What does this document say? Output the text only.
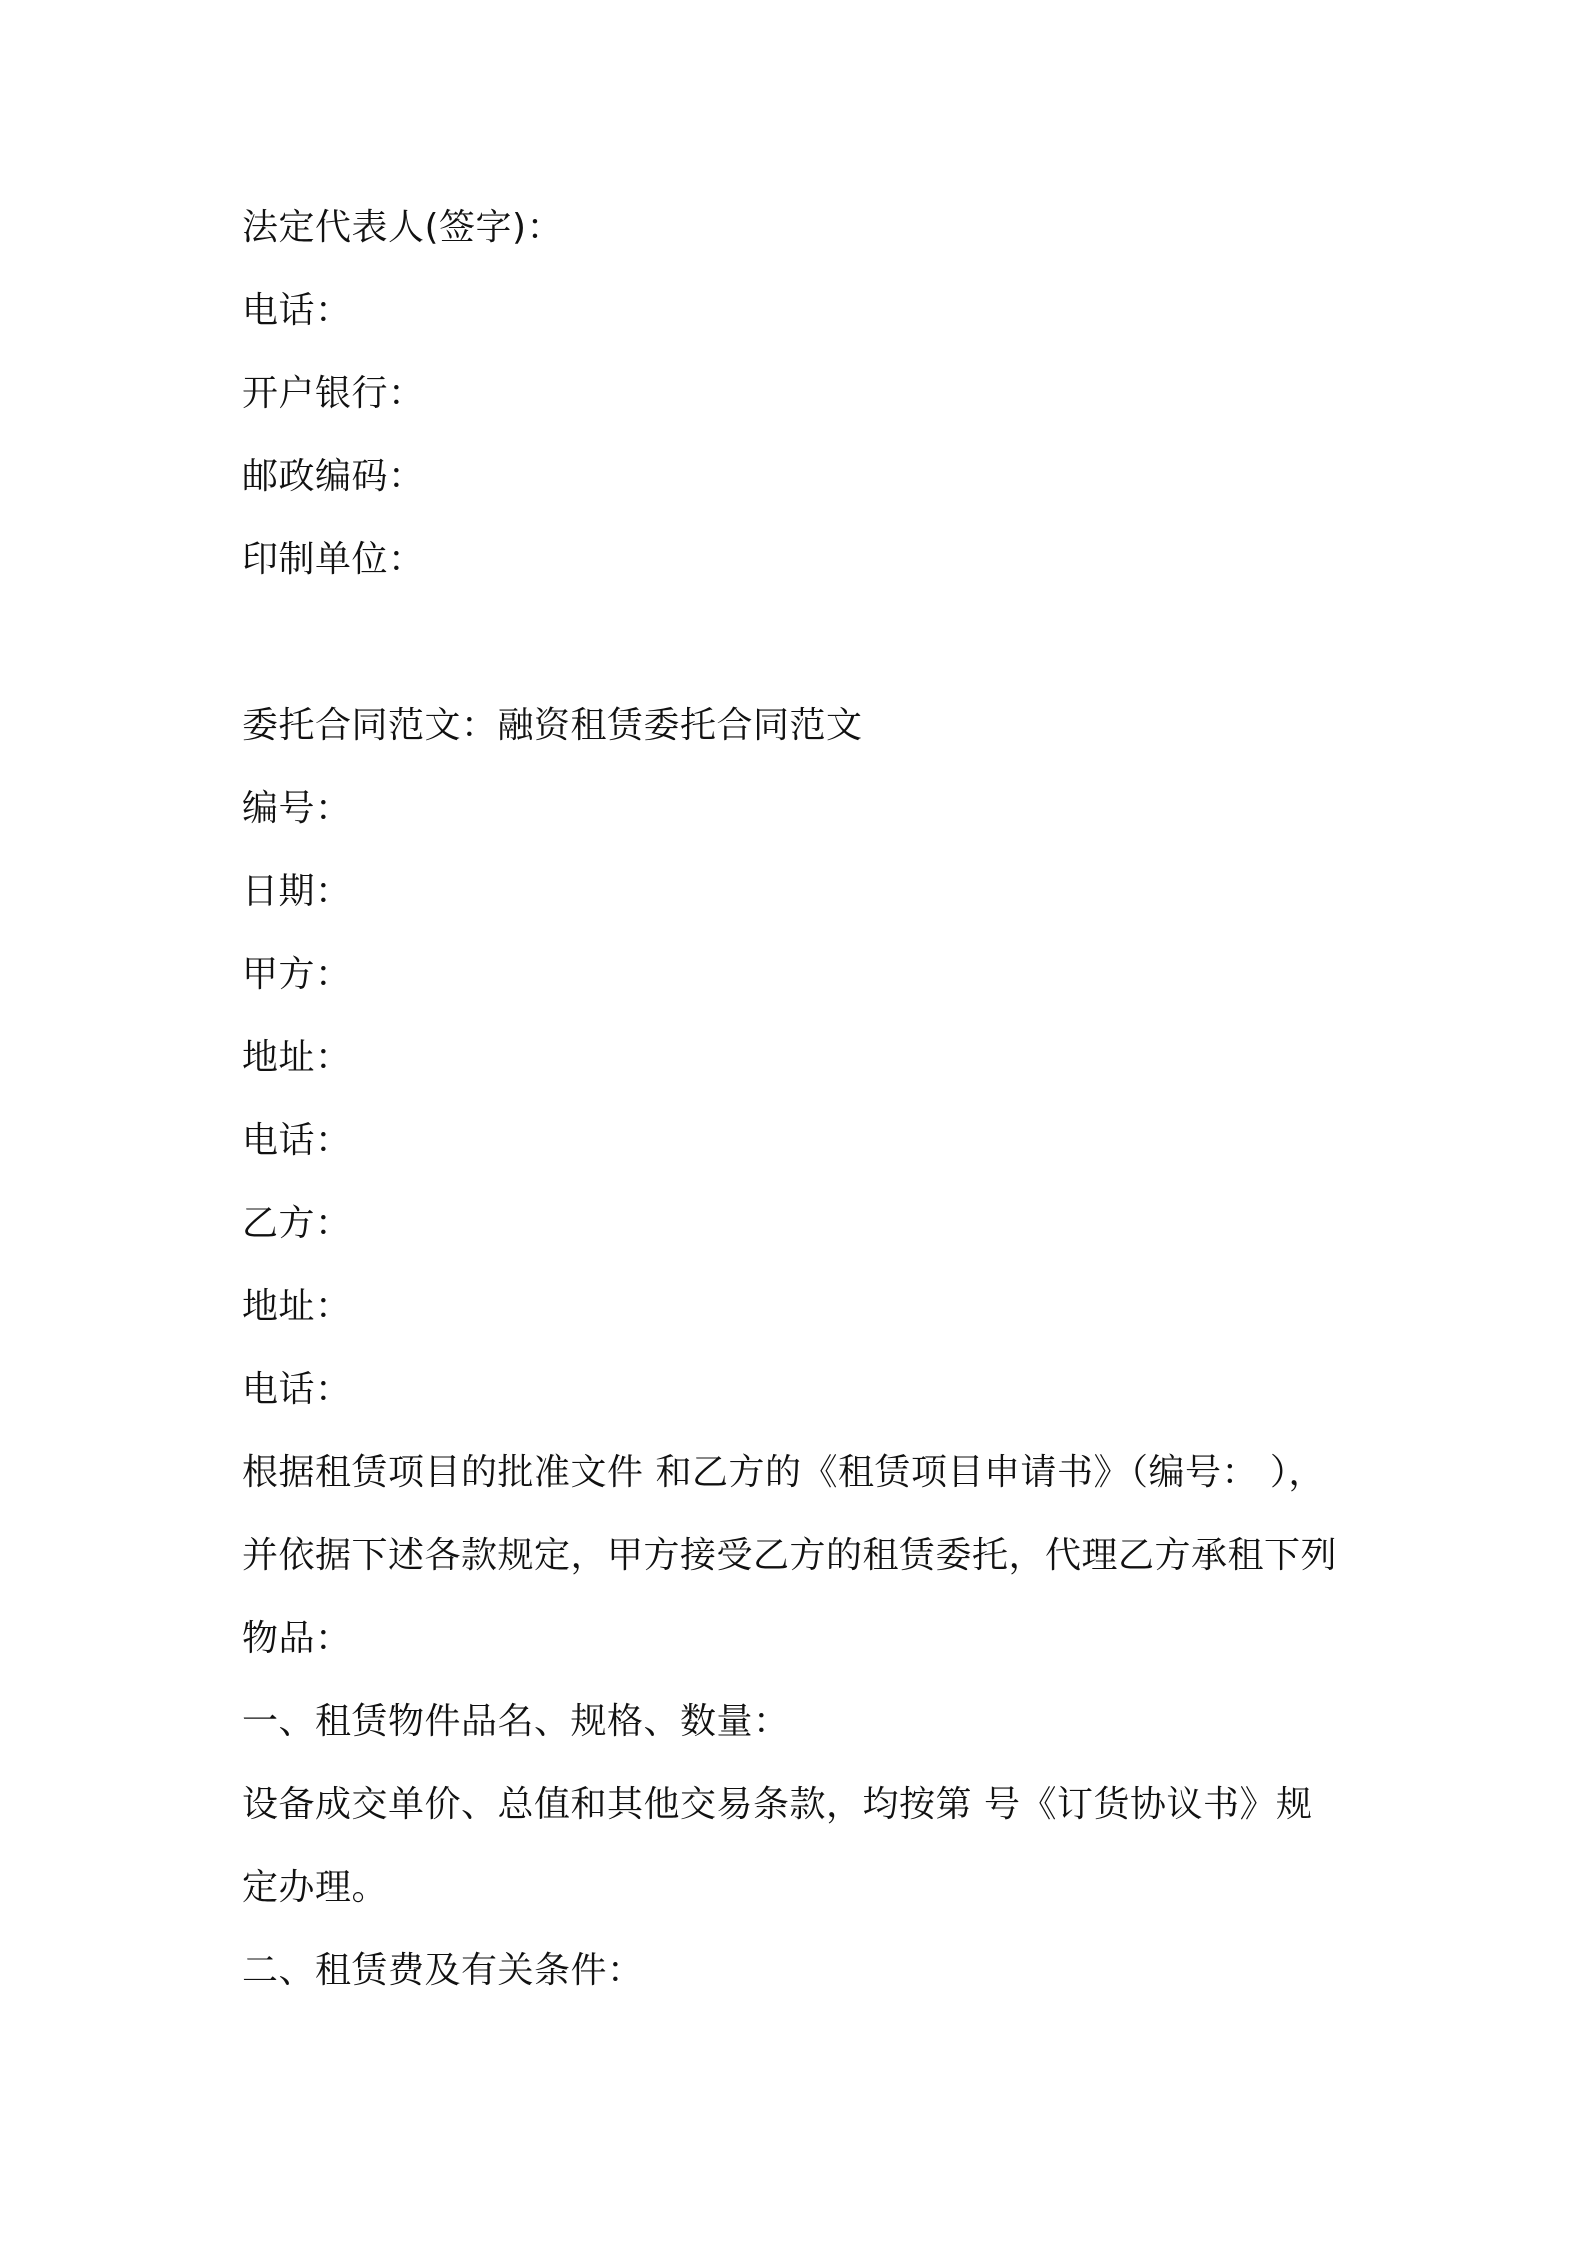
法定代表人(签字)：
电话：
开户银行：
邮政编码：
印制单位：
委托合同范文：融资租赁委托合同范文
编号：
日期：
甲方：
地址：
电话：
乙方：
地址：
电话：
根据租赁项目的批准文件 和乙方的《租赁项目申请书》（编号： ），
并依据下述各款规定，甲方接受乙方的租赁委托，代理乙方承租下列
物品：
一、租赁物件品名、规格、数量：
设备成交单价、总值和其他交易条款，均按第 号《订货协议书》规
定办理。
二、租赁费及有关条件：
